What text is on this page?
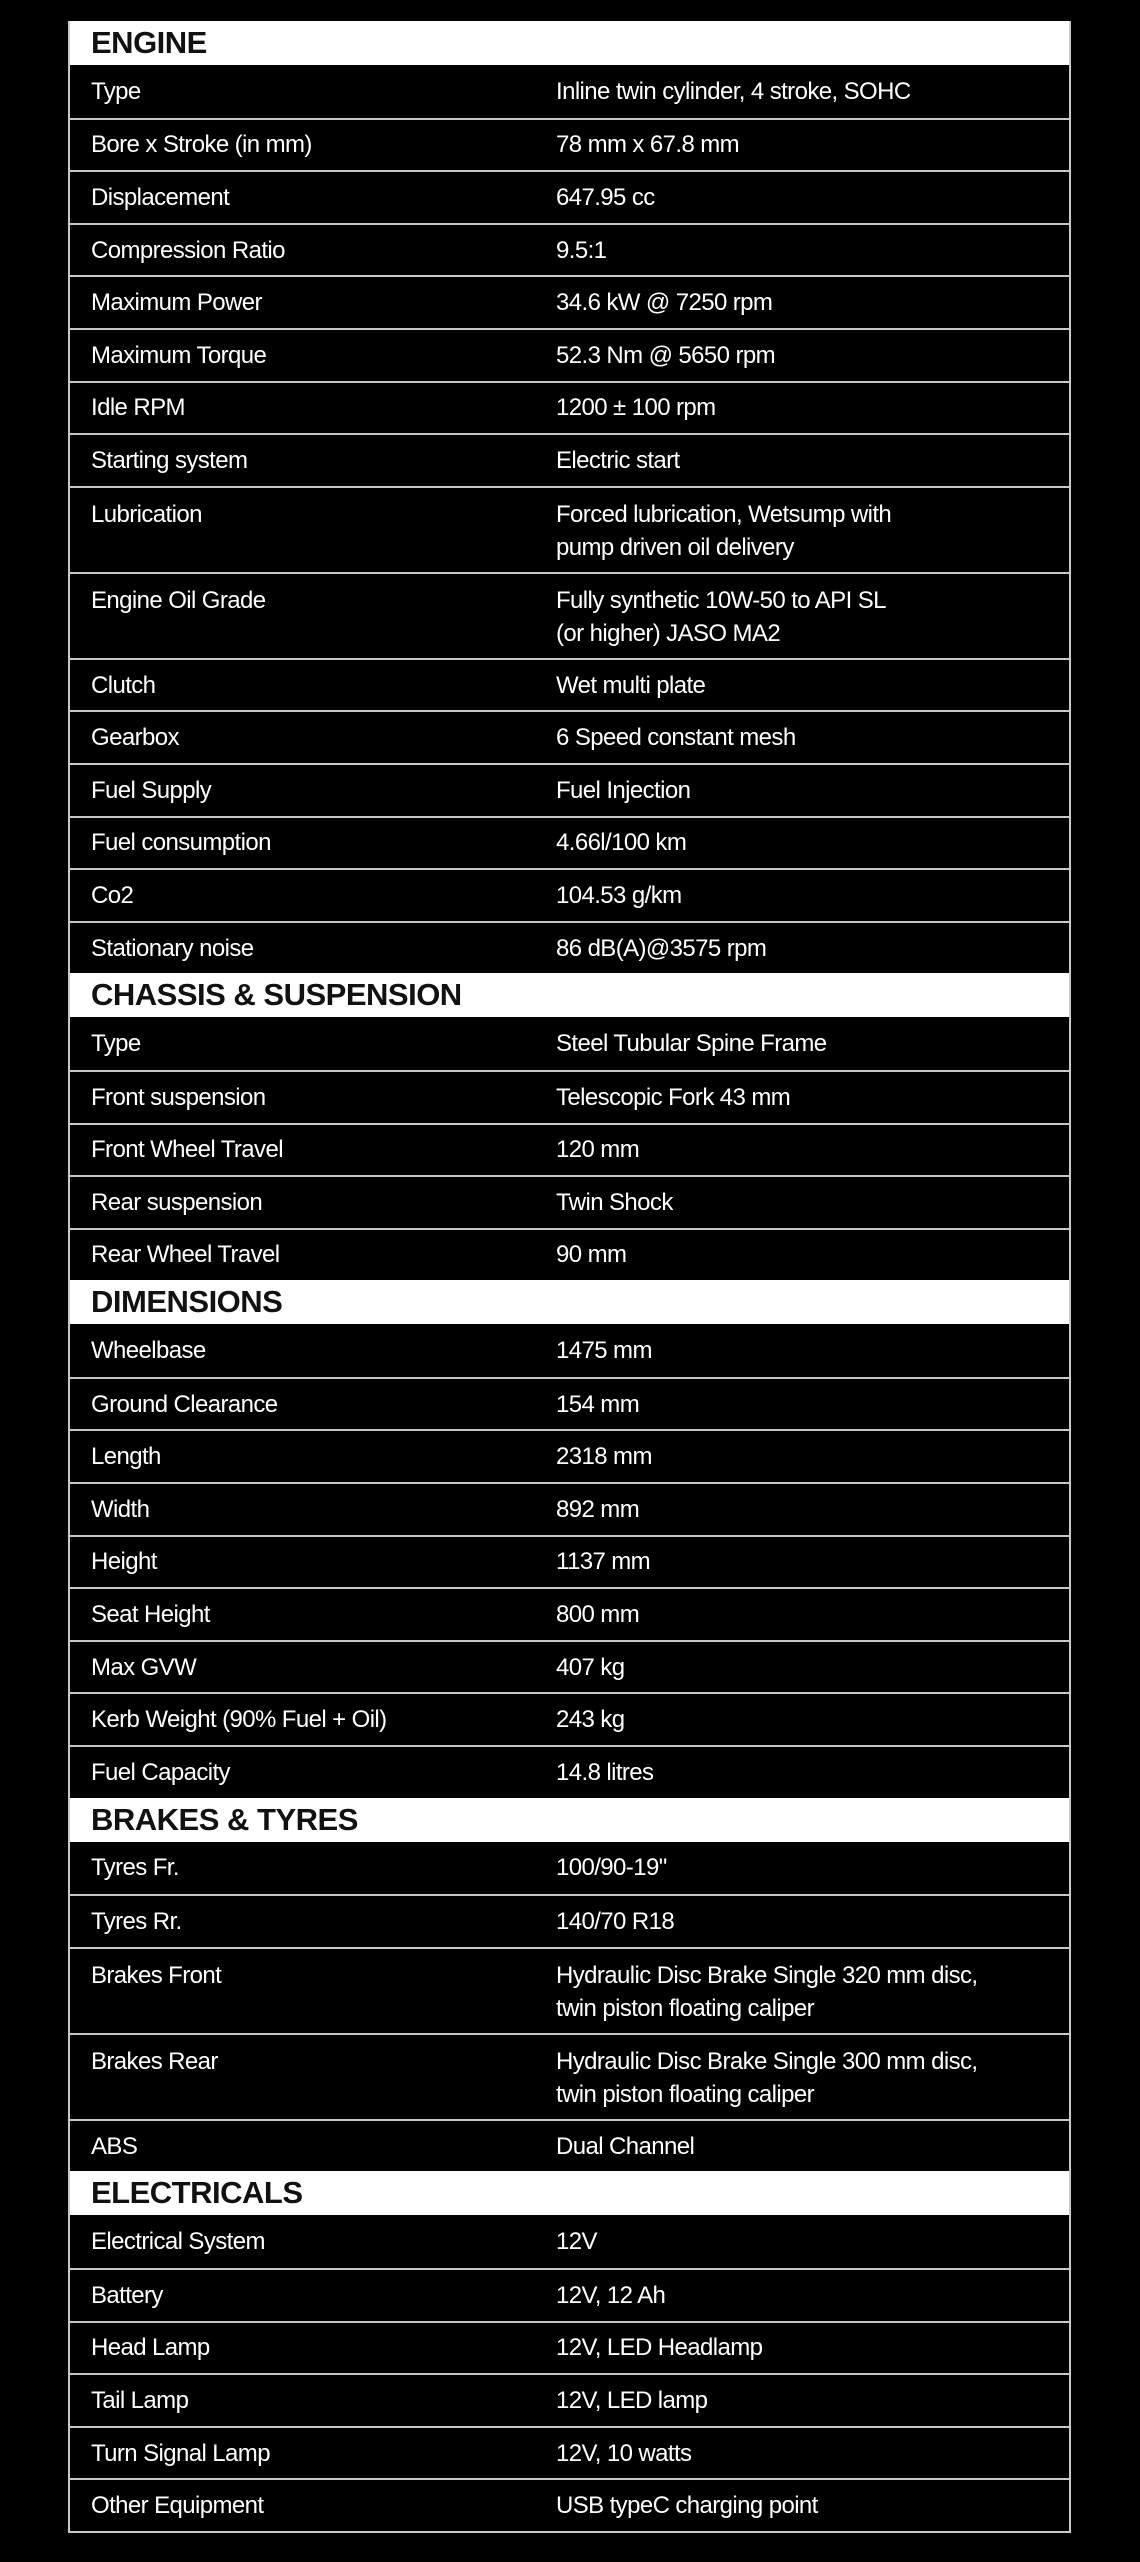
ENGINE
Type	Inline twin cylinder, 4 stroke, SOHC
Bore x Stroke (in mm)	78 mm x 67.8 mm
Displacement	647.95 cc
Compression Ratio	9.5:1
Maximum Power	34.6 kW @ 7250 rpm
Maximum Torque	52.3 Nm @ 5650 rpm
Idle RPM	1200 ± 100 rpm
Starting system	Electric start
Lubrication	Forced lubrication, Wetsump with
pump driven oil delivery
Engine Oil Grade	Fully synthetic 10W-50 to API SL
(or higher) JASO MA2
Clutch	Wet multi plate
Gearbox	6 Speed constant mesh
Fuel Supply	Fuel Injection
Fuel consumption	4.66l/100 km
Co2	104.53 g/km
Stationary noise	86 dB(A)@3575 rpm
CHASSIS & SUSPENSION
Type	Steel Tubular Spine Frame
Front suspension	Telescopic Fork 43 mm
Front Wheel Travel	120 mm
Rear suspension	Twin Shock
Rear Wheel Travel	90 mm
DIMENSIONS
Wheelbase	1475 mm
Ground Clearance	154 mm
Length	2318 mm
Width	892 mm
Height	1137 mm
Seat Height	800 mm
Max GVW	407 kg
Kerb Weight (90% Fuel + Oil)	243 kg
Fuel Capacity	14.8 litres
BRAKES & TYRES
Tyres Fr.	100/90-19"
Tyres Rr.	140/70 R18
Brakes Front	Hydraulic Disc Brake Single 320 mm disc,
twin piston floating caliper
Brakes Rear	Hydraulic Disc Brake Single 300 mm disc,
twin piston floating caliper
ABS	Dual Channel
ELECTRICALS
Electrical System	12V
Battery	12V, 12 Ah
Head Lamp	12V, LED Headlamp
Tail Lamp	12V, LED lamp
Turn Signal Lamp	12V, 10 watts
Other Equipment	USB typeC charging point
